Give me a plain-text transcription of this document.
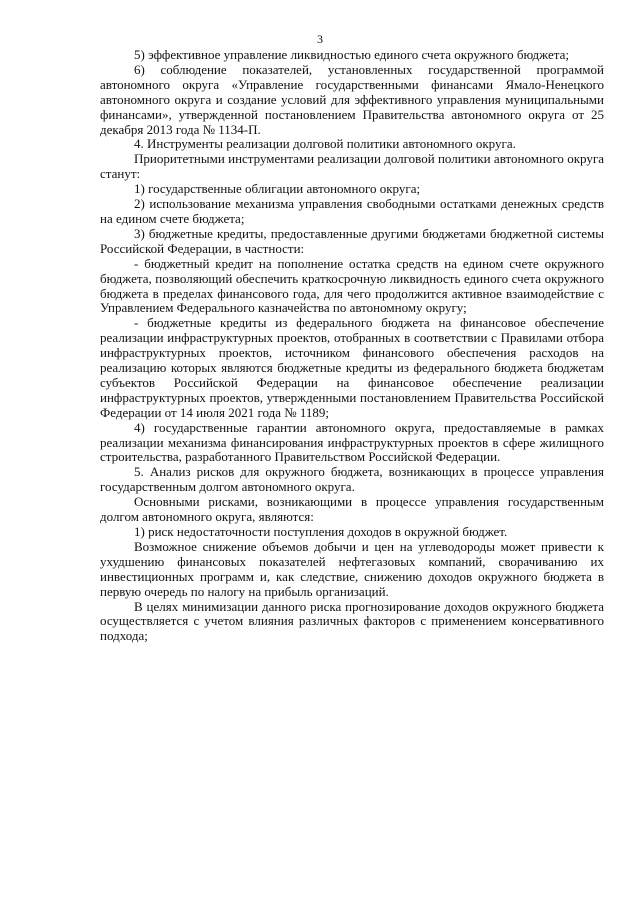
3

5) эффективное управление ликвидностью единого счета окружного бюджета;

6) соблюдение показателей, установленных государственной программой автономного округа «Управление государственными финансами Ямало-Ненецкого автономного округа и создание условий для эффективного управления муниципальными финансами», утвержденной постановлением Правительства автономного округа от 25 декабря 2013 года № 1134-П.

4. Инструменты реализации долговой политики автономного округа.

Приоритетными инструментами реализации долговой политики автономного округа станут:

1) государственные облигации автономного округа;

2) использование механизма управления свободными остатками денежных средств на едином счете бюджета;

3) бюджетные кредиты, предоставленные другими бюджетами бюджетной системы Российской Федерации, в частности:

- бюджетный кредит на пополнение остатка средств на едином счете окружного бюджета, позволяющий обеспечить краткосрочную ликвидность единого счета окружного бюджета в пределах финансового года, для чего продолжится активное взаимодействие с Управлением Федерального казначейства по автономному округу;

- бюджетные кредиты из федерального бюджета на финансовое обеспечение реализации инфраструктурных проектов, отобранных в соответствии с Правилами отбора инфраструктурных проектов, источником финансового обеспечения расходов на реализацию которых являются бюджетные кредиты из федерального бюджета бюджетам субъектов Российской Федерации на финансовое обеспечение реализации инфраструктурных проектов, утвержденными постановлением Правительства Российской Федерации от 14 июля 2021 года № 1189;

4) государственные гарантии автономного округа, предоставляемые в рамках реализации механизма финансирования инфраструктурных проектов в сфере жилищного строительства, разработанного Правительством Российской Федерации.

5. Анализ рисков для окружного бюджета, возникающих в процессе управления государственным долгом автономного округа.

Основными рисками, возникающими в процессе управления государственным долгом автономного округа, являются:

1) риск недостаточности поступления доходов в окружной бюджет.

Возможное снижение объемов добычи и цен на углеводороды может привести к ухудшению финансовых показателей нефтегазовых компаний, сворачиванию их инвестиционных программ и, как следствие, снижению доходов окружного бюджета в первую очередь по налогу на прибыль организаций.

В целях минимизации данного риска прогнозирование доходов окружного бюджета осуществляется с учетом влияния различных факторов с применением консервативного подхода;
